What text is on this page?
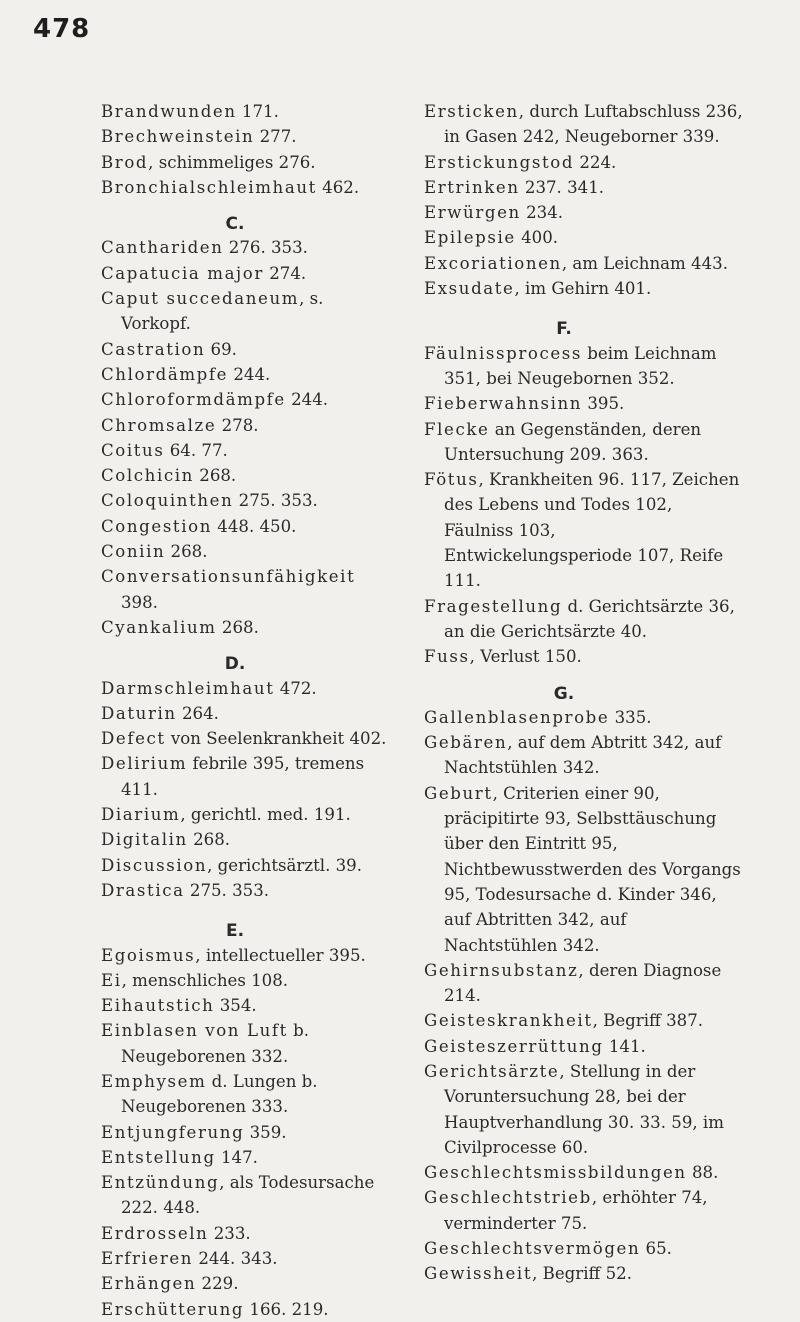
478
Brandwunden 171.
Brechweinstein 277.
Brod, schimmeliges 276.
Bronchialschleimhaut 462.
C.
Canthariden 276. 353.
Capatucia major 274.
Caput succedaneum, s. Vorkopf.
Castration 69.
Chlordämpfe 244.
Chloroformdämpfe 244.
Chromsalze 278.
Coitus 64. 77.
Colchicin 268.
Coloquinthen 275. 353.
Congestion 448. 450.
Coniin 268.
Conversationsunfähigkeit 398.
Cyankalium 268.
D.
Darmschleimhaut 472.
Daturin 264.
Defect von Seelenkrankheit 402.
Delirium febrile 395, tremens 411.
Diarium, gerichtl. med. 191.
Digitalin 268.
Discussion, gerichtsärztl. 39.
Drastica 275. 353.
E.
Egoismus, intellectueller 395.
Ei, menschliches 108.
Eihautstich 354.
Einblasen von Luft b. Neugeborenen 332.
Emphysem d. Lungen b. Neugeborenen 333.
Entjungferung 359.
Entstellung 147.
Entzündung, als Todesursache 222. 448.
Erdrosseln 233.
Erfrieren 244. 343.
Erhängen 229.
Erschütterung 166. 219.
Ersticken, durch Luftabschluss 236, in Gasen 242, Neugeborner 339.
Erstickungstod 224.
Ertrinken 237. 341.
Erwürgen 234.
Epilepsie 400.
Excoriationen, am Leichnam 443.
Exsudate, im Gehirn 401.
F.
Fäulnissprocess beim Leichnam 351, bei Neugebornen 352.
Fieberwahnsinn 395.
Flecke an Gegenständen, deren Untersuchung 209. 363.
Fötus, Krankheiten 96. 117, Zeichen des Lebens und Todes 102, Fäulniss 103, Entwickelungsperiode 107, Reife 111.
Fragestellung d. Gerichtsärzte 36, an die Gerichtsärzte 40.
Fuss, Verlust 150.
G.
Gallenblasenprobe 335.
Gebären, auf dem Abtritt 342, auf Nachtstühlen 342.
Geburt, Criterien einer 90, präcipitirte 93, Selbsttäuschung über den Eintritt 95, Nichtbewusstwerden des Vorgangs 95, Todesursache d. Kinder 346, auf Abtritten 342, auf Nachtstühlen 342.
Gehirnsubstanz, deren Diagnose 214.
Geisteskrankheit, Begriff 387.
Geisteszerrüttung 141.
Gerichtsärzte, Stellung in der Voruntersuchung 28, bei der Hauptverhandlung 30. 33. 59, im Civilprocesse 60.
Geschlechtsmissbildungen 88.
Geschlechtstrieb, erhöhter 74, verminderter 75.
Geschlechtsvermögen 65.
Gewissheit, Begriff 52.
